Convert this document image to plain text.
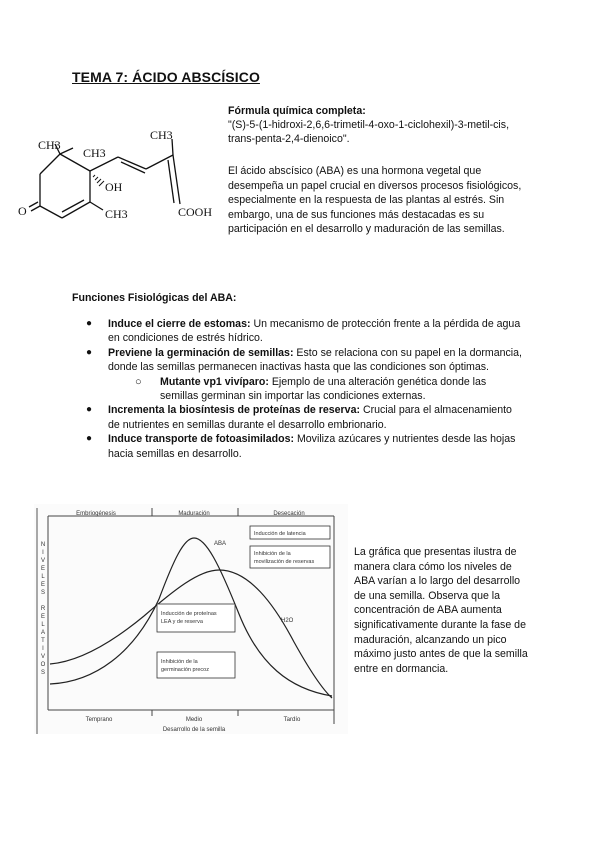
TEMA 7: ÁCIDO ABSCÍSICO
CH3
CH3
CH3
OH
O	CH3	COOH

Fórmula química completa:

"(S)-5-(1-hidroxi-2,6,6-trimetil-4-oxo-1-ciclohexil)-3-metil-cis, trans-penta-2,4-dienoico".

El ácido abscísico (ABA) es una hormona vegetal que desempeña un papel crucial en diversos procesos fisiológicos, especialmente en la respuesta de las plantas al estrés. Sin embargo, una de sus funciones más destacadas es su participación en el desarrollo y maduración de las semillas.

Funciones Fisiológicas del ABA:

● Induce el cierre de estomas: Un mecanismo de protección frente a la pérdida de agua en condiciones de estrés hídrico.
● Previene la germinación de semillas: Esto se relaciona con su papel en la dormancia, donde las semillas permanecen inactivas hasta que las condiciones son óptimas.
○ Mutante vp1 vivíparo: Ejemplo de una alteración genética donde las semillas germinan sin importar las condiciones externas.
● Incrementa la biosíntesis de proteínas de reserva: Crucial para el almacenamiento de nutrientes en semillas durante el desarrollo embrionario.
● Induce transporte de fotoasimilados: Moviliza azúcares y nutrientes desde las hojas hacia semillas en desarrollo.
Embriogénesis	Maduración	Desecación
N
I
V
E
L
E
S
R
E
L
A
T
I
V
O
S
ABA
H2O
Inducción de latencia
Inhibición de la
movilización de reservas
Inducción de proteínas
LEA y de reserva
Inhibición de la
germinación precoz
Temprano	Medio	Tardío
Desarrollo de la semilla

La gráfica que presentas ilustra de manera clara cómo los niveles de ABA varían a lo largo del desarrollo de una semilla. Observa que la concentración de ABA aumenta significativamente durante la fase de maduración, alcanzando un pico máximo justo antes de que la semilla entre en dormancia.
